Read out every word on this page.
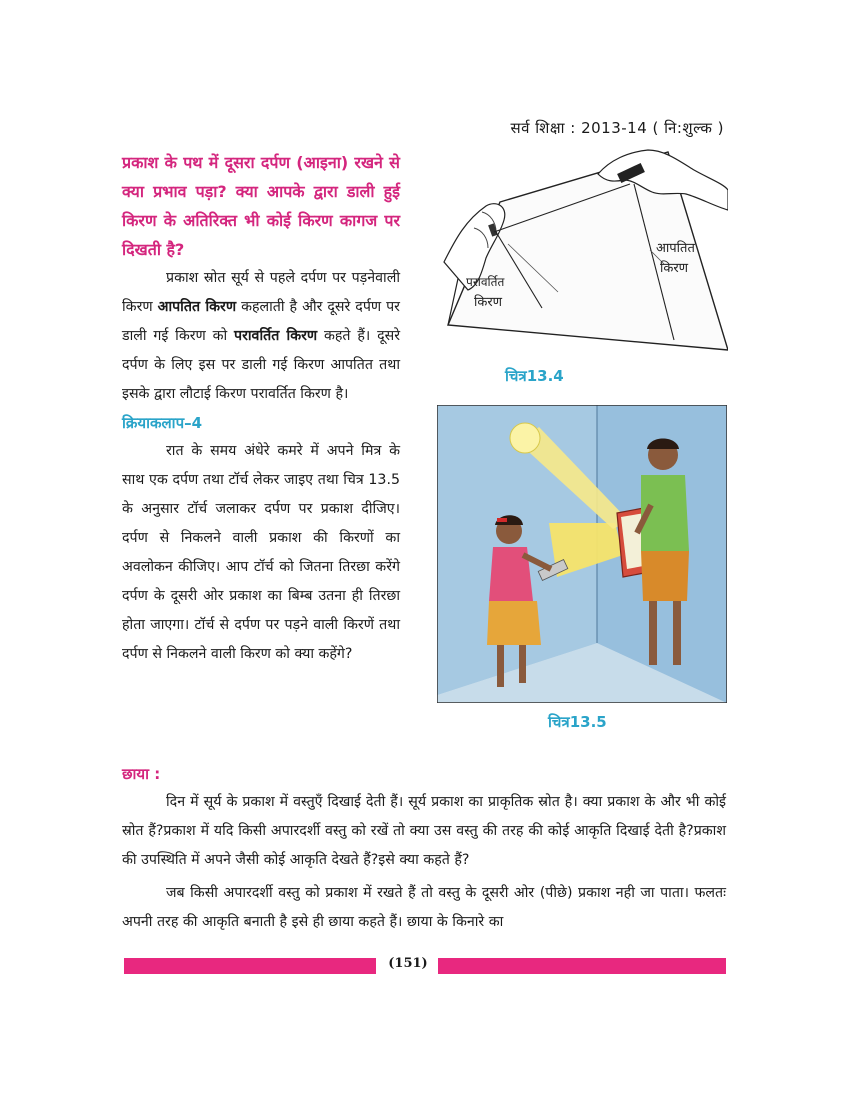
सर्व शिक्षा : 2013-14 ( नि:शुल्क )

प्रकाश के पथ में दूसरा दर्पण (आइना) रखने से क्या प्रभाव पड़ा? क्या आपके द्वारा डाली हुई किरण के अतिरिक्त भी कोई किरण कागज पर दिखती है?

प्रकाश स्रोत सूर्य से पहले दर्पण पर पड़नेवाली किरण आपतित किरण कहलाती है और दूसरे दर्पण पर डाली गई किरण को परावर्तित किरण कहते हैं। दूसरे दर्पण के लिए इस पर डाली गई किरण आपतित तथा इसके द्वारा लौटाई किरण परावर्तित किरण है।

क्रियाकलाप–4

रात के समय अंधेरे कमरे में अपने मित्र के साथ एक दर्पण तथा टॉर्च लेकर जाइए तथा चित्र 13.5 के अनुसार टॉर्च जलाकर दर्पण पर प्रकाश दीजिए। दर्पण से निकलने वाली प्रकाश की किरणों का अवलोकन कीजिए। आप टॉर्च को जितना तिरछा करेंगे दर्पण के दूसरी ओर प्रकाश का बिम्ब उतना ही तिरछा होता जाएगा। टॉर्च से दर्पण पर पड़ने वाली किरणें तथा दर्पण से निकलने वाली किरण को क्या कहेंगे?

आपतित
किरण
परावर्तित
किरण
चित्र13.4
चित्र13.5
छाया :

दिन में सूर्य के प्रकाश में वस्तुएँ दिखाई देती हैं। सूर्य प्रकाश का प्राकृतिक स्रोत है। क्या प्रकाश के और भी कोई स्रोत हैं?प्रकाश में यदि किसी अपारदर्शी वस्तु को रखें तो क्या उस वस्तु की तरह की कोई आकृति दिखाई देती है?प्रकाश की उपस्थिति में अपने जैसी कोई आकृति देखते हैं?इसे क्या कहते हैं?

जब किसी अपारदर्शी वस्तु को प्रकाश में रखते हैं तो वस्तु के दूसरी ओर (पीछे) प्रकाश नही जा पाता। फलतः अपनी तरह की आकृति बनाती है इसे ही छाया कहते हैं। छाया के किनारे का

(151)
